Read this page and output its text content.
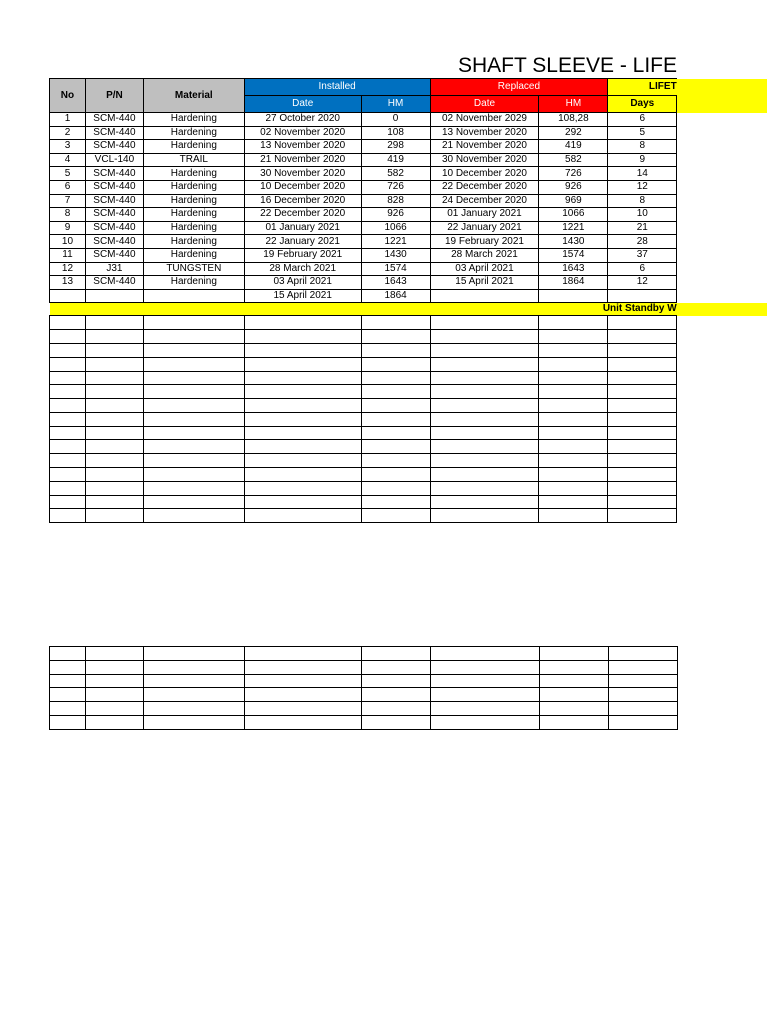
SHAFT SLEEVE - LIFE
No	P/N	Material	Installed		Replaced		LIFET	
			Date	HM	Date	HM	Days	
1	SCM-440	Hardening	27 October 2020	0	02 November 2029	108,28	6	
2	SCM-440	Hardening	02 November 2020	108	13 November 2020	292	5	
3	SCM-440	Hardening	13 November 2020	298	21 November 2020	419	8	
4	VCL-140	TRAIL	21 November 2020	419	30 November 2020	582	9	
5	SCM-440	Hardening	30 November 2020	582	10 December 2020	726	14	
6	SCM-440	Hardening	10 December 2020	726	22 December 2020	926	12	
7	SCM-440	Hardening	16 December 2020	828	24 December 2020	969	8	
8	SCM-440	Hardening	22 December 2020	926	01 January 2021	1066	10	
9	SCM-440	Hardening	01 January 2021	1066	22 January 2021	1221	21	
10	SCM-440	Hardening	22 January 2021	1221	19 February 2021	1430	28	
11	SCM-440	Hardening	19 February 2021	1430	28 March 2021	1574	37	
12	J31	TUNGSTEN	28 March 2021	1574	03 April 2021	1643	6	
13	SCM-440	Hardening	03 April 2021	1643	15 April 2021	1864	12	
			15 April 2021	1864				
Unit Standby W								
